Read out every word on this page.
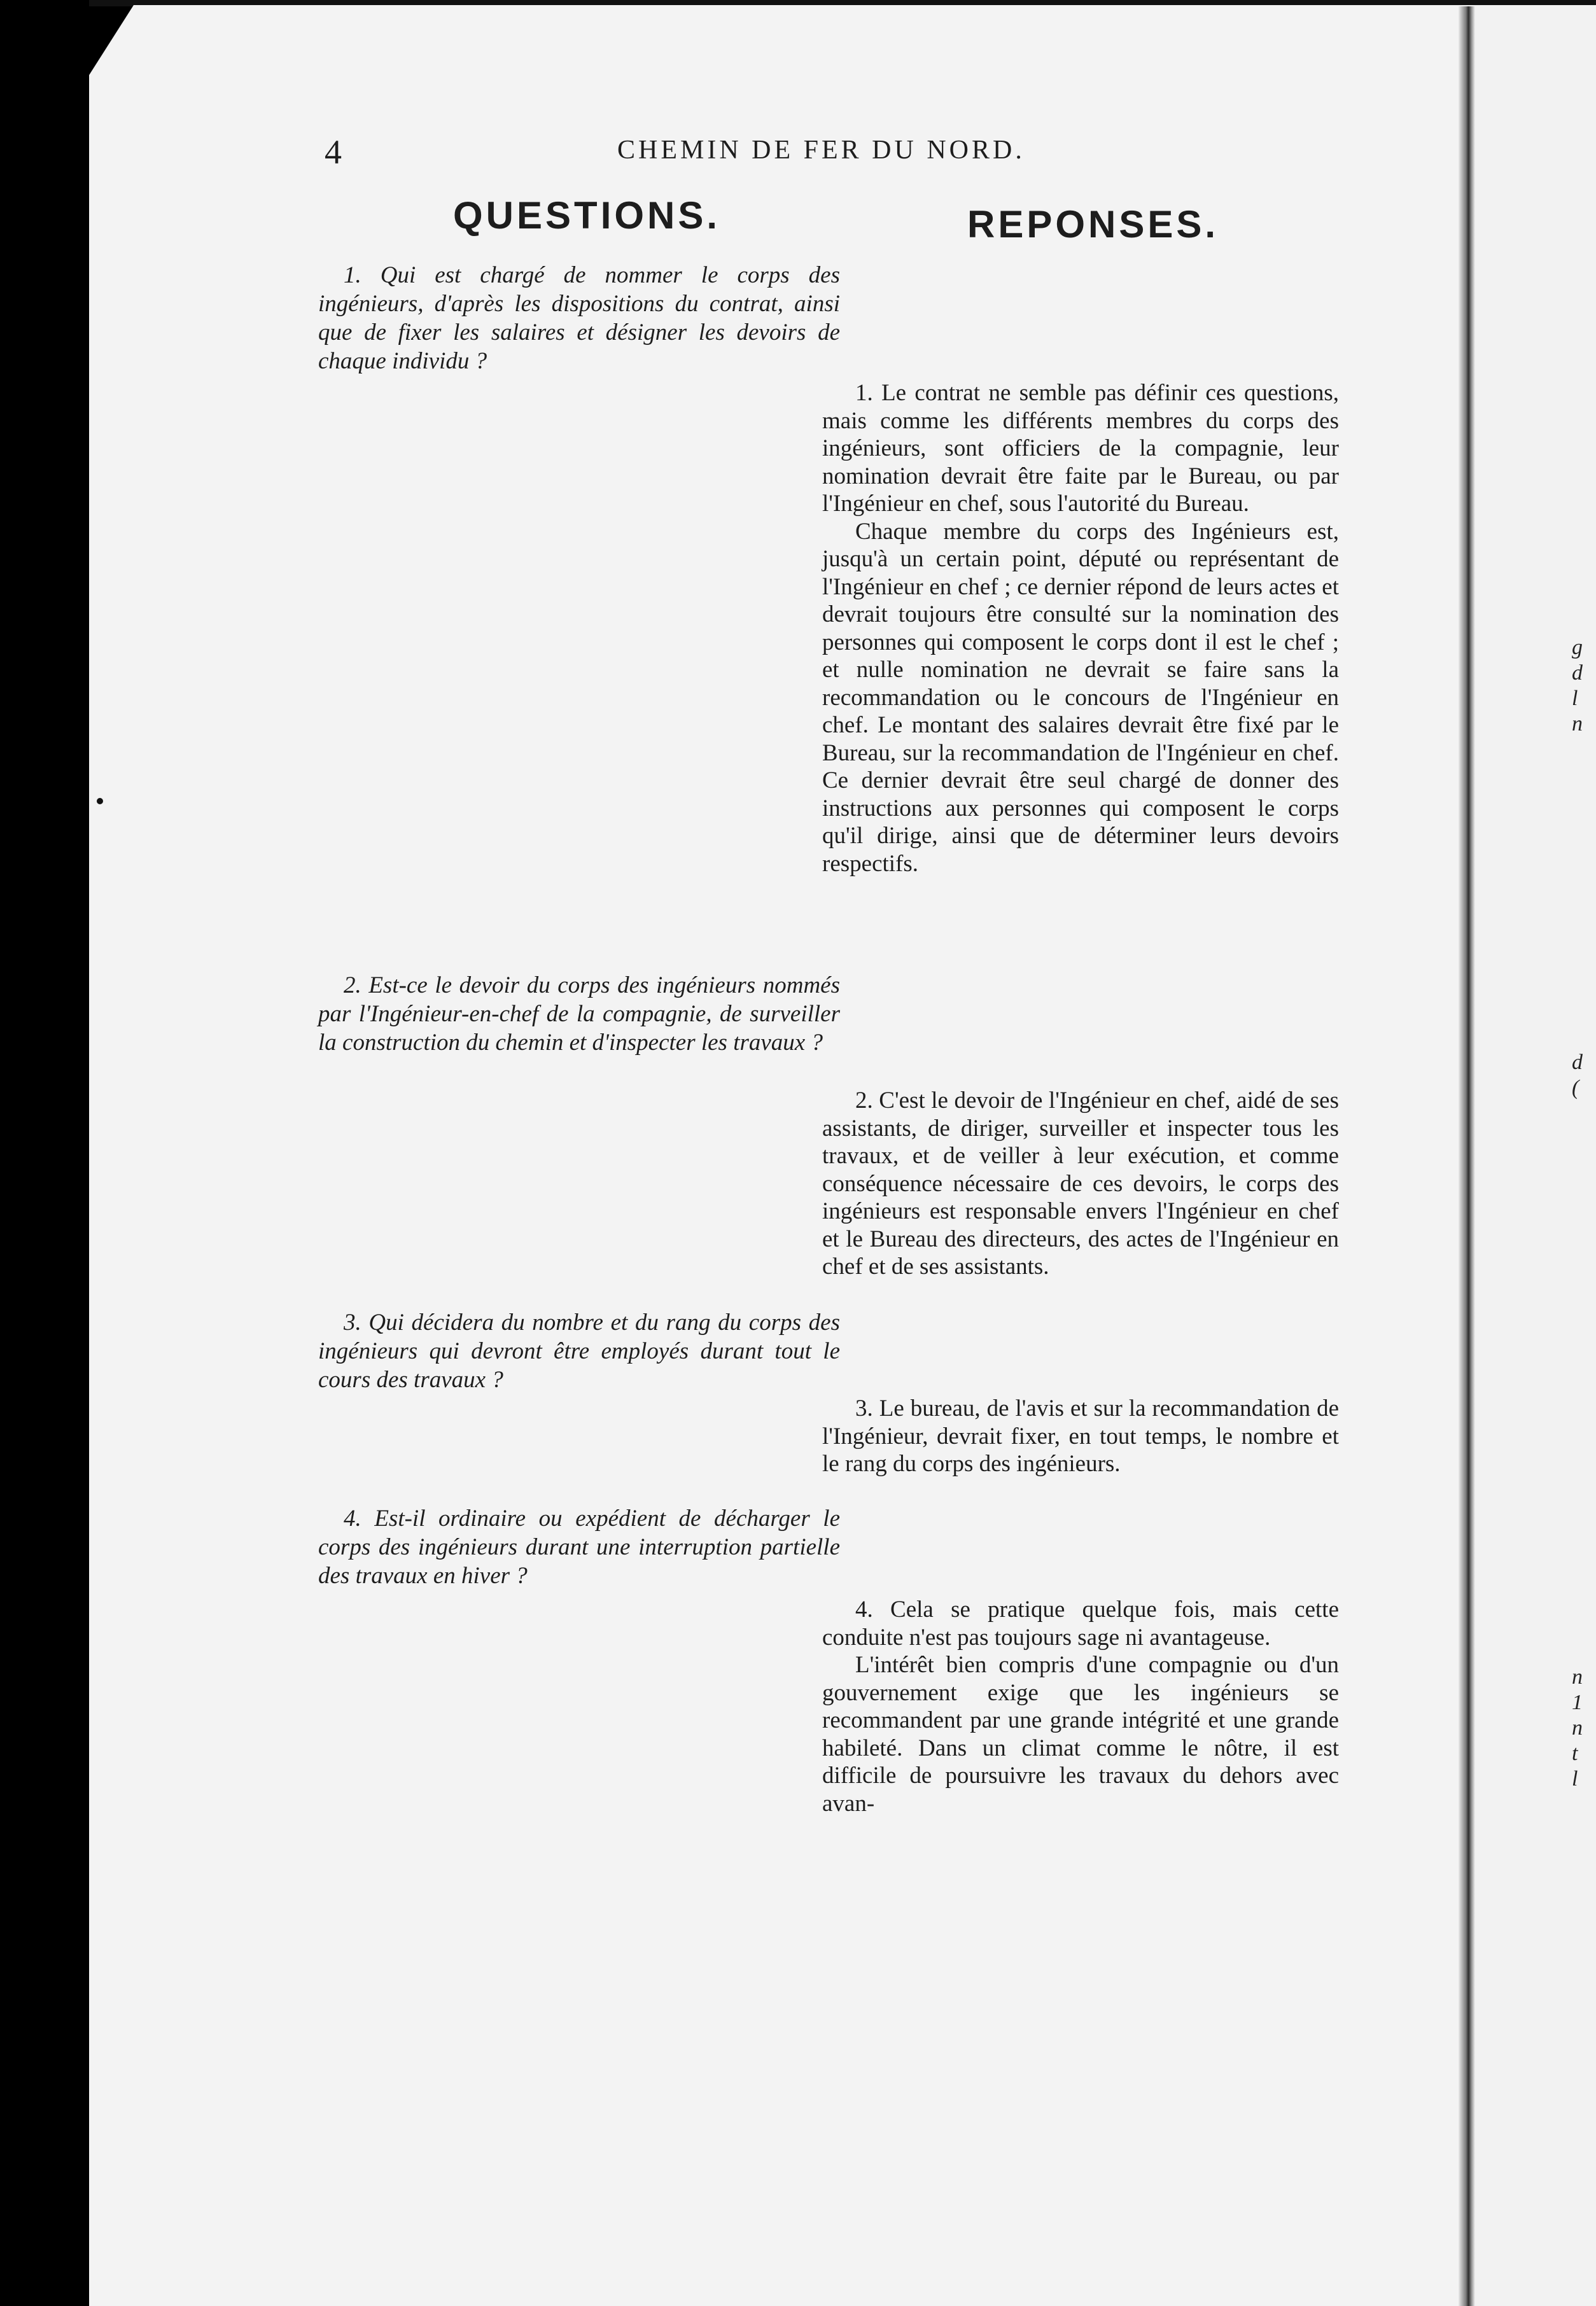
4	CHEMIN DE FER DU NORD.
QUESTIONS.	REPONSES.

1. Qui est chargé de nommer le corps des ingénieurs, d'après les dispositions du contrat, ainsi que de fixer les salaires et désigner les devoirs de chaque individu ?

2. Est-ce le devoir du corps des ingénieurs nommés par l'Ingénieur-en-chef de la compagnie, de surveiller la construction du chemin et d'inspecter les travaux ?

3. Qui décidera du nombre et du rang du corps des ingénieurs qui devront être employés durant tout le cours des travaux ?

4. Est-il ordinaire ou expédient de décharger le corps des ingénieurs durant une interruption partielle des travaux en hiver ?

1. Le contrat ne semble pas définir ces questions, mais comme les différents membres du corps des ingénieurs, sont officiers de la compagnie, leur nomination devrait être faite par le Bureau, ou par l'Ingénieur en chef, sous l'autorité du Bureau.

Chaque membre du corps des Ingénieurs est, jusqu'à un certain point, député ou représentant de l'Ingénieur en chef ; ce dernier répond de leurs actes et devrait toujours être consulté sur la nomination des personnes qui composent le corps dont il est le chef ; et nulle nomination ne devrait se faire sans la recommandation ou le concours de l'Ingénieur en chef. Le montant des salaires devrait être fixé par le Bureau, sur la recommandation de l'Ingénieur en chef. Ce dernier devrait être seul chargé de donner des instructions aux personnes qui composent le corps qu'il dirige, ainsi que de déterminer leurs devoirs respectifs.

2. C'est le devoir de l'Ingénieur en chef, aidé de ses assistants, de diriger, surveiller et inspecter tous les travaux, et de veiller à leur exécution, et comme conséquence nécessaire de ces devoirs, le corps des ingénieurs est responsable envers l'Ingénieur en chef et le Bureau des directeurs, des actes de l'Ingénieur en chef et de ses assistants.

3. Le bureau, de l'avis et sur la recommandation de l'Ingénieur, devrait fixer, en tout temps, le nombre et le rang du corps des ingénieurs.

4. Cela se pratique quelque fois, mais cette conduite n'est pas toujours sage ni avantageuse.

L'intérêt bien compris d'une compagnie ou d'un gouvernement exige que les ingénieurs se recommandent par une grande intégrité et une grande habileté. Dans un climat comme le nôtre, il est difficile de poursuivre les travaux du dehors avec avan-

g
d
l
n
d
(
n
1
n
t
l
